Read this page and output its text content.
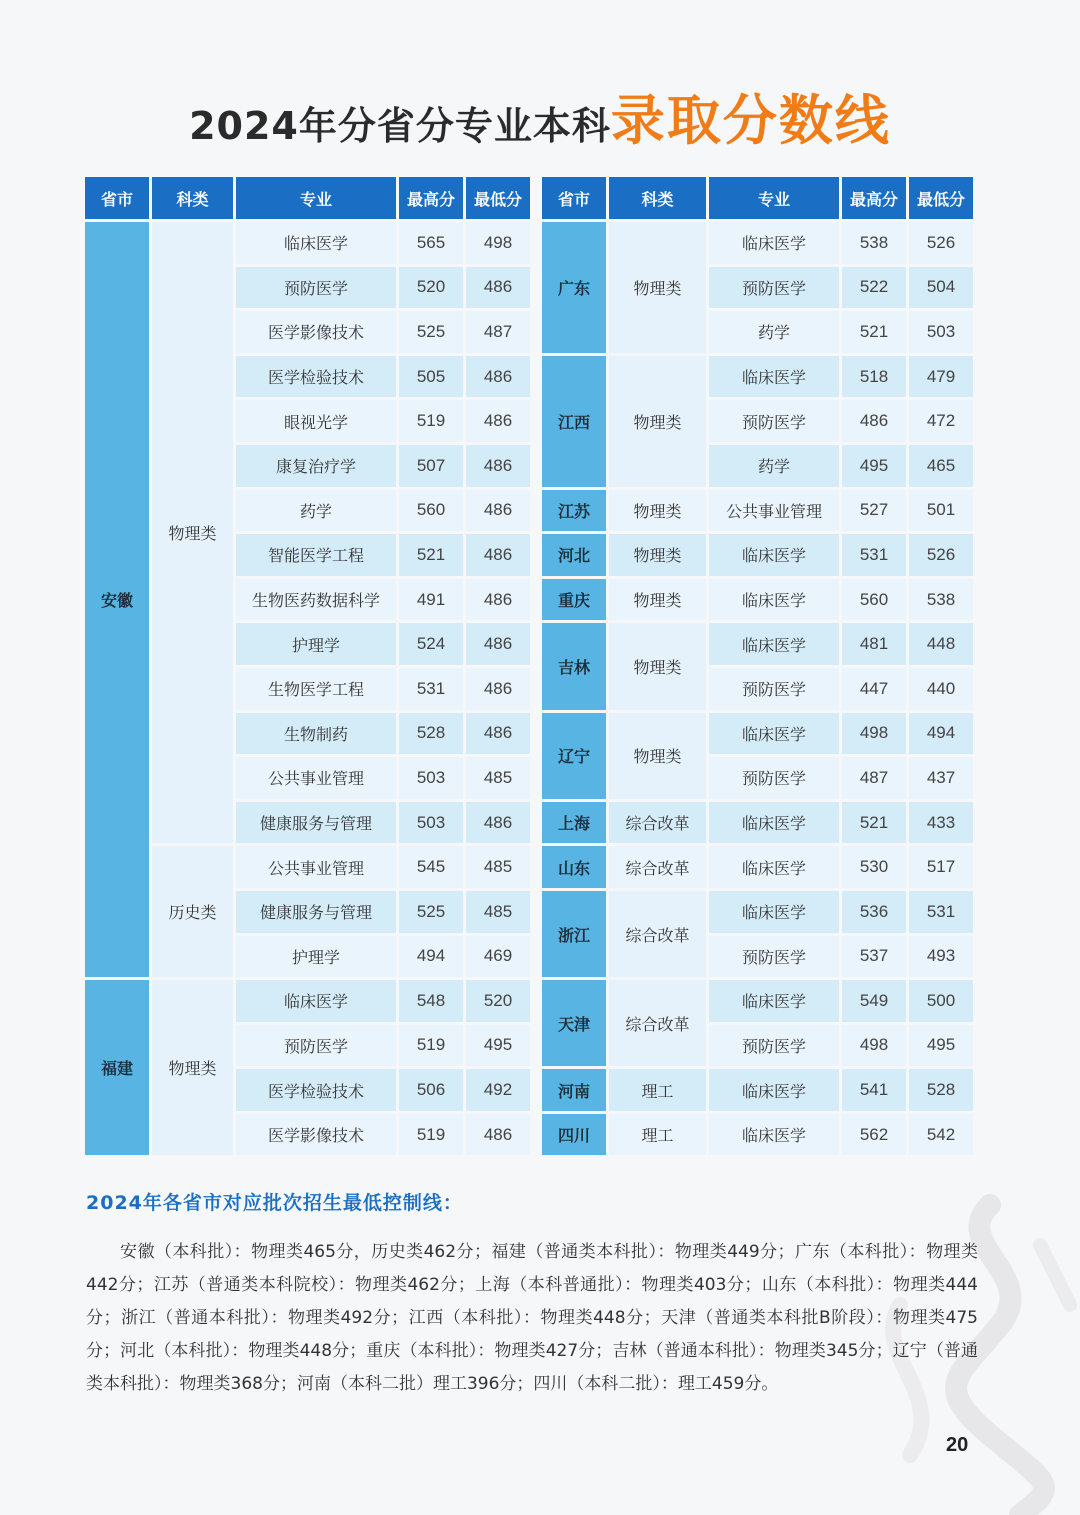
2024年分省分专业本科录取分数线
省市	科类	专业	最高分	最低分
安徽	物理类	临床医学	565	498
		预防医学	520	486
		医学影像技术	525	487
		医学检验技术	505	486
		眼视光学	519	486
		康复治疗学	507	486
		药学	560	486
		智能医学工程	521	486
		生物医药数据科学	491	486
		护理学	524	486
		生物医学工程	531	486
		生物制药	528	486
		公共事业管理	503	485
		健康服务与管理	503	486
	历史类	公共事业管理	545	485
		健康服务与管理	525	485
		护理学	494	469
福建	物理类	临床医学	548	520
		预防医学	519	495
		医学检验技术	506	492
		医学影像技术	519	486
省市	科类	专业	最高分	最低分
广东	物理类	临床医学	538	526
		预防医学	522	504
		药学	521	503
江西	物理类	临床医学	518	479
		预防医学	486	472
		药学	495	465
江苏	物理类	公共事业管理	527	501
河北	物理类	临床医学	531	526
重庆	物理类	临床医学	560	538
吉林	物理类	临床医学	481	448
		预防医学	447	440
辽宁	物理类	临床医学	498	494
		预防医学	487	437
上海	综合改革	临床医学	521	433
山东	综合改革	临床医学	530	517
浙江	综合改革	临床医学	536	531
		预防医学	537	493
天津	综合改革	临床医学	549	500
		预防医学	498	495
河南	理工	临床医学	541	528
四川	理工	临床医学	562	542
2024年各省市对应批次招生最低控制线：
安徽（本科批）：物理类465分，历史类462分；福建（普通类本科批）：物理类449分；广东（本科批）：物理类442分；江苏（普通类本科院校）：物理类462分；上海（本科普通批）：物理类403分；山东（本科批）：物理类444分；浙江（普通本科批）：物理类492分；江西（本科批）：物理类448分；天津（普通类本科批B阶段）：物理类475分；河北（本科批）：物理类448分；重庆（本科批）：物理类427分；吉林（普通本科批）：物理类345分；辽宁（普通类本科批）：物理类368分；河南（本科二批）理工396分；四川（本科二批）：理工459分。
20
